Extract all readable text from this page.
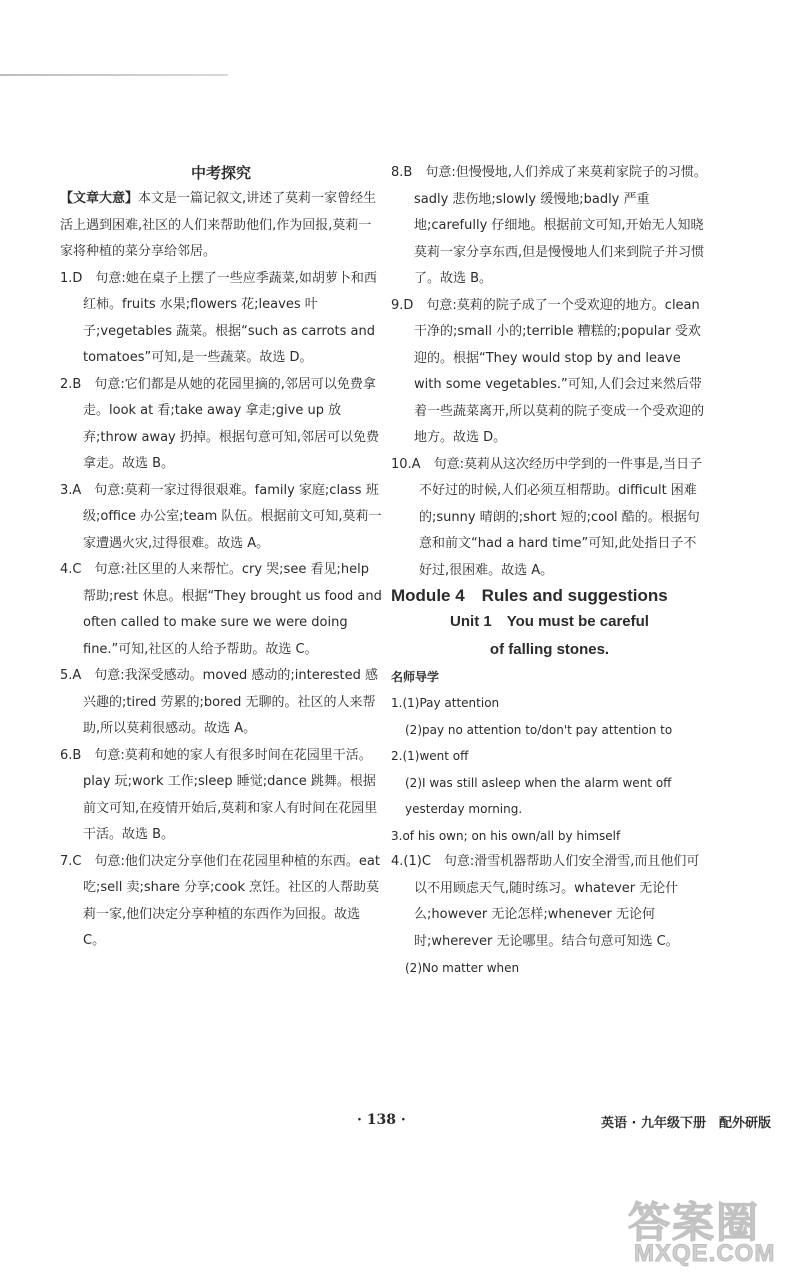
中考探究

【文章大意】本文是一篇记叙文,讲述了莫莉一家曾经生活上遇到困难,社区的人们来帮助他们,作为回报,莫莉一家将种植的菜分享给邻居。

1.D　句意:她在桌子上摆了一些应季蔬菜,如胡萝卜和西红柿。fruits 水果;flowers 花;leaves 叶子;vegetables 蔬菜。根据“such as carrots and tomatoes”可知,是一些蔬菜。故选 D。

2.B　句意:它们都是从她的花园里摘的,邻居可以免费拿走。look at 看;take away 拿走;give up 放弃;throw away 扔掉。根据句意可知,邻居可以免费拿走。故选 B。

3.A　句意:莫莉一家过得很艰难。family 家庭;class 班级;office 办公室;team 队伍。根据前文可知,莫莉一家遭遇火灾,过得很难。故选 A。

4.C　句意:社区里的人来帮忙。cry 哭;see 看见;help 帮助;rest 休息。根据“They brought us food and often called to make sure we were doing fine.”可知,社区的人给予帮助。故选 C。

5.A　句意:我深受感动。moved 感动的;interested 感兴趣的;tired 劳累的;bored 无聊的。社区的人来帮助,所以莫莉很感动。故选 A。

6.B　句意:莫莉和她的家人有很多时间在花园里干活。play 玩;work 工作;sleep 睡觉;dance 跳舞。根据前文可知,在疫情开始后,莫莉和家人有时间在花园里干活。故选 B。

7.C　句意:他们决定分享他们在花园里种植的东西。eat 吃;sell 卖;share 分享;cook 烹饪。社区的人帮助莫莉一家,他们决定分享种植的东西作为回报。故选 C。

8.B　句意:但慢慢地,人们养成了来莫莉家院子的习惯。sadly 悲伤地;slowly 缓慢地;badly 严重地;carefully 仔细地。根据前文可知,开始无人知晓莫莉一家分享东西,但是慢慢地人们来到院子并习惯了。故选 B。

9.D　句意:莫莉的院子成了一个受欢迎的地方。clean 干净的;small 小的;terrible 糟糕的;popular 受欢迎的。根据“They would stop by and leave with some vegetables.”可知,人们会过来然后带着一些蔬菜离开,所以莫莉的院子变成一个受欢迎的地方。故选 D。

10.A　句意:莫莉从这次经历中学到的一件事是,当日子不好过的时候,人们必须互相帮助。difficult 困难的;sunny 晴朗的;short 短的;cool 酷的。根据句意和前文“had a hard time”可知,此处指日子不好过,很困难。故选 A。

Module 4　Rules and suggestions

Unit 1　You must be careful

of falling stones.

名师导学

1.(1)Pay attention

(2)pay no attention to/don't pay attention to

2.(1)went off

(2)I was still asleep when the alarm went off yesterday morning.

3.of his own; on his own/all by himself

4.(1)C　句意:滑雪机器帮助人们安全滑雪,而且他们可以不用顾虑天气,随时练习。whatever 无论什么;however 无论怎样;whenever 无论何时;wherever 无论哪里。结合句意可知选 C。

(2)No matter when

· 138 ·	英语 · 九年级下册　配外研版
答案圈
MXQE.COM
